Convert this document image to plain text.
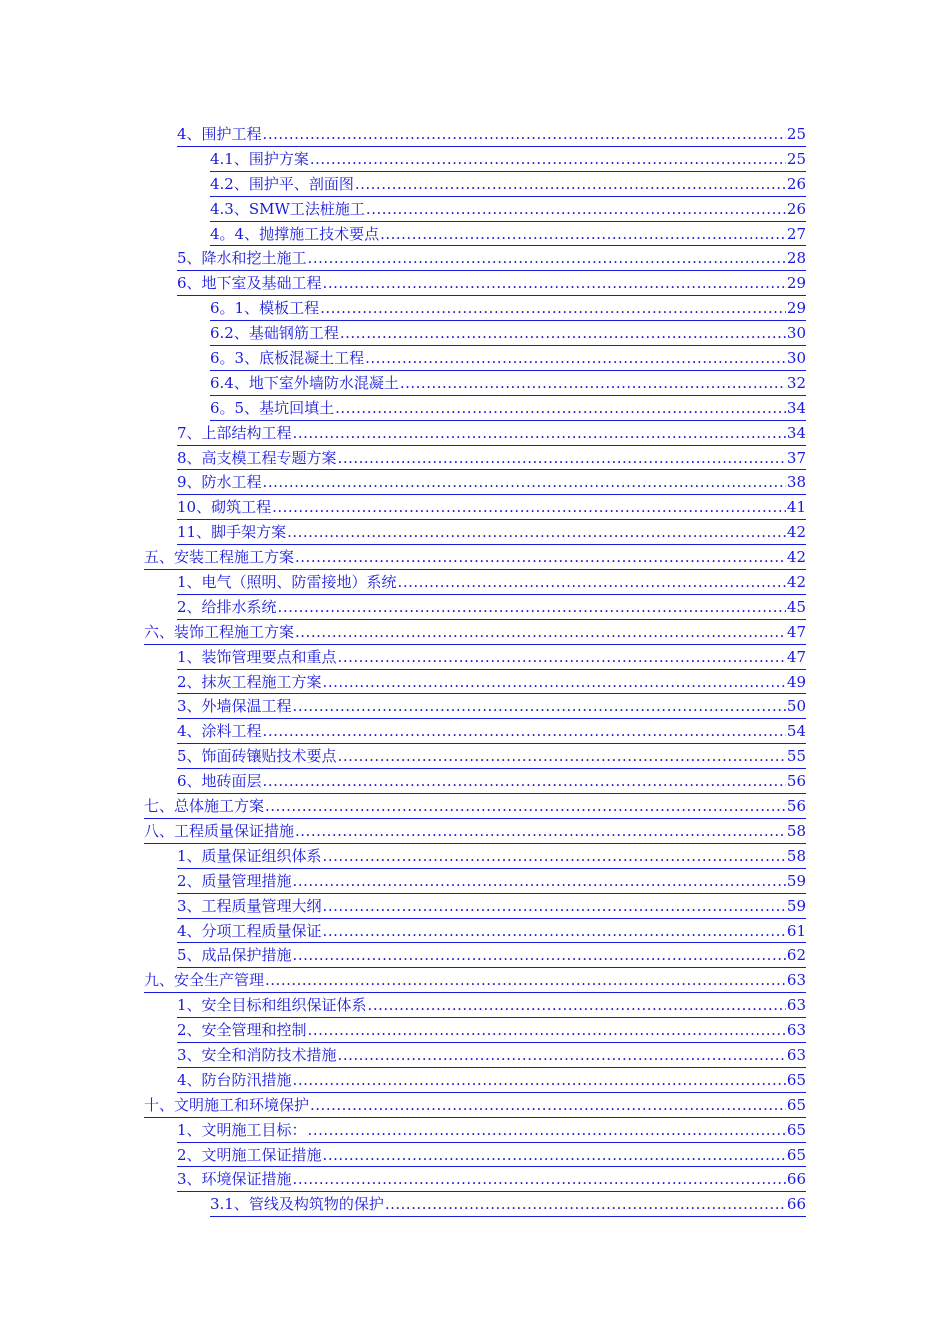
4、围护工程 .....	25
4.1、围护方案 .....	25
4.2、围护平、剖面图 .....	26
4.3、SMW工法桩施工 .....	26
4。4、抛撑施工技术要点 .....	27
5、降水和挖土施工 .....	28
6、地下室及基础工程 .....	29
6。1、模板工程 .....	29
6.2、基础钢筋工程 .....	30
6。3、底板混凝土工程 .....	30
6.4、地下室外墙防水混凝土 .....	32
6。5、基坑回填土 .....	34
7、上部结构工程 .....	34
8、高支模工程专题方案 .....	37
9、防水工程 .....	38
10、砌筑工程 .....	41
11、脚手架方案 .....	42
五、安装工程施工方案 .....	42
1、电气（照明、防雷接地）系统 .....	42
2、给排水系统 .....	45
六、装饰工程施工方案 .....	47
1、装饰管理要点和重点 .....	47
2、抹灰工程施工方案 .....	49
3、外墙保温工程 .....	50
4、涂料工程 .....	54
5、饰面砖镶贴技术要点 .....	55
6、地砖面层 .....	56
七、总体施工方案 .....	56
八、工程质量保证措施 .....	58
1、质量保证组织体系 .....	58
2、质量管理措施 .....	59
3、工程质量管理大纲 .....	59
4、分项工程质量保证 .....	61
5、成品保护措施 .....	62
九、安全生产管理 .....	63
1、安全目标和组织保证体系 .....	63
2、安全管理和控制 .....	63
3、安全和消防技术措施 .....	63
4、防台防汛措施 .....	65
十、文明施工和环境保护 .....	65
1、文明施工目标： .....	65
2、文明施工保证措施 .....	65
3、环境保证措施 .....	66
3.1、管线及构筑物的保护 .....	66
